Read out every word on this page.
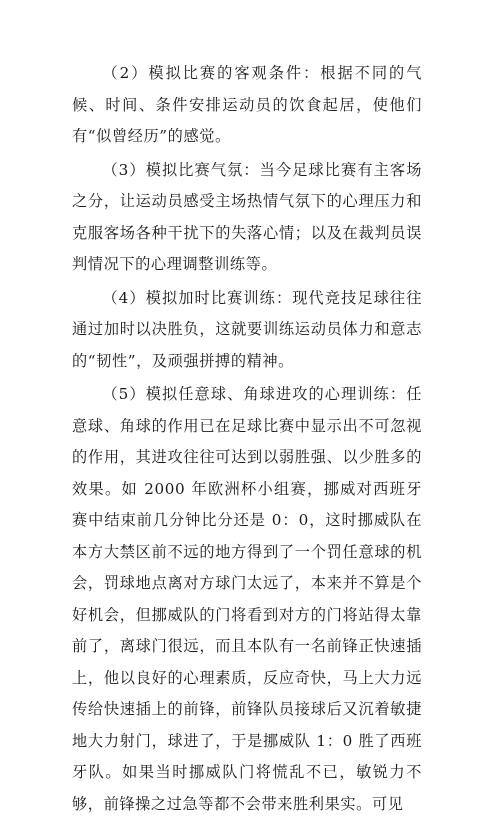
（2）模拟比赛的客观条件：根据不同的气候、时间、条件安排运动员的饮食起居，使他们有“似曾经历”的感觉。

（3）模拟比赛气氛：当今足球比赛有主客场之分，让运动员感受主场热情气氛下的心理压力和克服客场各种干扰下的失落心情；以及在裁判员误判情况下的心理调整训练等。

（4）模拟加时比赛训练：现代竞技足球往往通过加时以决胜负，这就要训练运动员体力和意志的“韧性”，及顽强拼搏的精神。

（5）模拟任意球、角球进攻的心理训练：任意球、角球的作用已在足球比赛中显示出不可忽视的作用，其进攻往往可达到以弱胜强、以少胜多的效果。如 2000 年欧洲杯小组赛，挪威对西班牙赛中结束前几分钟比分还是 0：0，这时挪威队在本方大禁区前不远的地方得到了一个罚任意球的机会，罚球地点离对方球门太远了，本来并不算是个好机会，但挪威队的门将看到对方的门将站得太靠前了，离球门很远，而且本队有一名前锋正快速插上，他以良好的心理素质，反应奇快，马上大力远传给快速插上的前锋，前锋队员接球后又沉着敏捷地大力射门，球进了，于是挪威队 1：0 胜了西班牙队。如果当时挪威队门将慌乱不已，敏锐力不够，前锋操之过急等都不会带来胜利果实。可见
